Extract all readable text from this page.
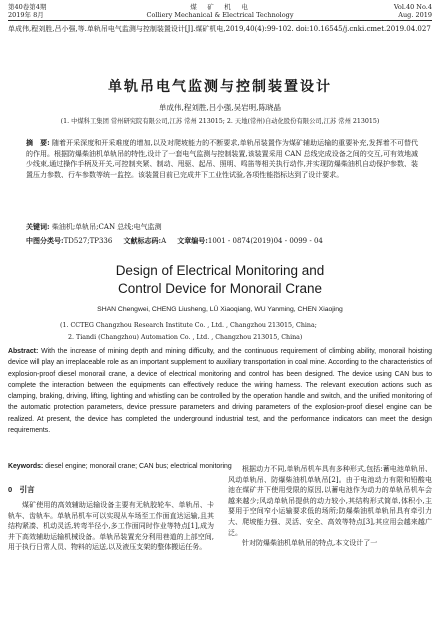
第40卷第4期
2019年 8月
煤　矿　机　电
Colliery Mechanical & Electrical Technology
Vol.40 No.4
Aug. 2019
单成伟,程刘胜,吕小强,等.单轨吊电气监测与控制装置设计[J].煤矿机电,2019,40(4):99-102. doi:10.16545/j.cnki.cmet.2019.04.027
单轨吊电气监测与控制装置设计
单成伟,程刘胜,吕小强,吴岩明,陈晓晶
(1. 中煤科工集团 常州研究院有限公司,江苏 常州 213015; 2. 天地(常州)自动化股份有限公司,江苏 常州 213015)
摘　要: 随着开采深度和开采难度的增加,以及对爬坡能力的不断要求,单轨吊装置作为煤矿辅助运输的重要补充,发挥着不可替代的作用。根据防爆柴油机单轨吊的特性,设计了一套电气监测与控制装置,该装置采用 CAN 总线完成设备之间的交互,可有效地减少线束,通过操作手柄及开关,可控制夹紧、制动、甩驱、起吊、照明、鸣笛等相关执行动作,并实现防爆柴油机自动保护参数、装置压力参数、行车参数等统一监控。该装置目前已完成井下工业性试验,各项性能指标达到了设计要求。
关键词: 柴油机;单轨吊;CAN 总线;电气监测
中图分类号:TD527;TP336 文献标志码:A 文章编号:1001 - 0874(2019)04 - 0099 - 04
Design of Electrical Monitoring and
Control Device for Monorail Crane
SHAN Chengwei, CHENG Liusheng, LÜ Xiaoqiang, WU Yanming, CHEN Xiaojing
(1. CCTEG Changzhou Research Institute Co. , Ltd. , Changzhou 213015, China;
2. Tiandi (Changzhou) Automation Co. , Ltd. , Changzhou 213015, China)
Abstract: With the increase of mining depth and mining difficulty, and the continuous requirement of climbing ability, monorail hoisting device will play an irreplaceable role as an important supplement to auxiliary transportation in coal mine. According to the characteristics of explosion-proof diesel monorail crane, a device of electrical monitoring and control has been designed. The device using CAN bus to complete the interaction between the equipments can effectively reduce the wiring harness. The relevant execution actions such as clamping, braking, driving, lifting, lighting and whistling can be controlled by the operation handle and switch, and the unified monitoring of the automatic protection parameters, device pressure parameters and driving parameters of the explosion-proof diesel engine can be realized. At present, the device has completed the underground industrial test, and the performance indicators can meet the design requirements.
Keywords: diesel engine; monorail crane; CAN bus; electrical monitoring
0　引言
煤矿使用的高效辅助运输设备主要有无轨胶轮车、单轨吊、卡轨车、齿轨车。单轨吊机车可以实现从车场至工作面直达运输,且其结构紧凑、机动灵活,转弯半径小,多工作面同时作业等特点[1],成为井下高效辅助运输机械设备。单轨吊装置充分利用巷道的上部空间,用于执行日常人员、物料的运送,以及液压支架的整体搬运任务。

根据动力不同,单轨吊机车具有多种形式,包括:蓄电池单轨吊、风动单轨吊、防爆柴油机单轨吊[2]。由于电池动力有限和铅酸电池在煤矿井下使用受限的原因,以蓄电池作为动力的单轨吊机车会越来越少;风动单轨吊提供的动力较小,其结构形式简单,体积小,主要用于空间窄小运输要求低的场所;防爆柴油机单轨吊具有牵引力大、爬坡能力强、灵活、安全、高效等特点[3],其应用会越来越广泛。

针对防爆柴油机单轨吊的特点,本文设计了一
